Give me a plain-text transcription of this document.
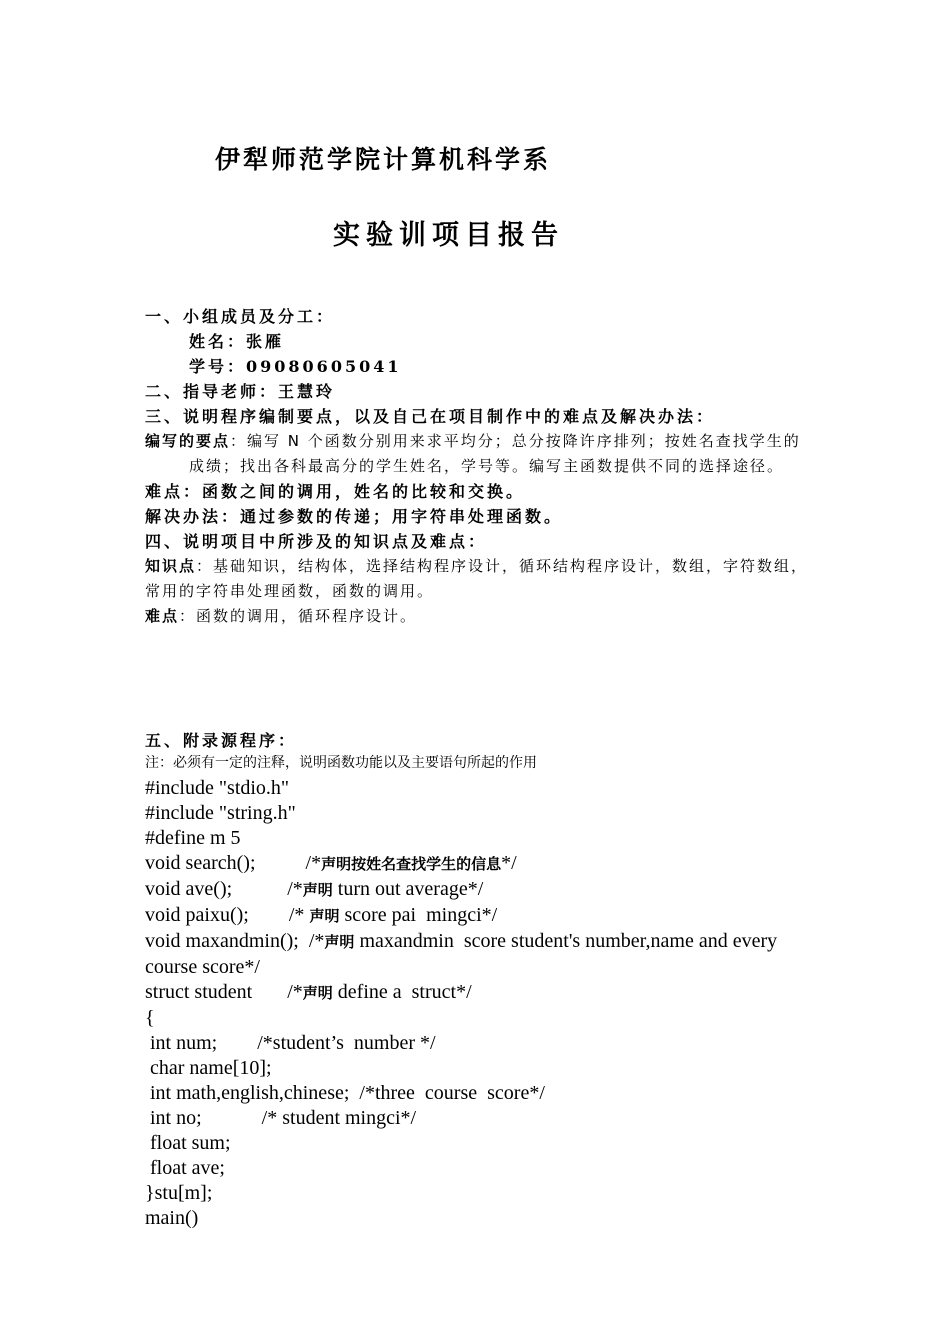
伊犁师范学院计算机科学系
实验训项目报告
一、小组成员及分工：
姓名：张雁
学号：09080605041
二、指导老师：王慧玲
三、说明程序编制要点，以及自己在项目制作中的难点及解决办法：
编写的要点：编写 N 个函数分别用来求平均分；总分按降许序排列；按姓名查找学生的成绩；找出各科最高分的学生姓名，学号等。编写主函数提供不同的选择途径。
难点：函数之间的调用，姓名的比较和交换。
解决办法：通过参数的传递；用字符串处理函数。
四、说明项目中所涉及的知识点及难点：
知识点：基础知识，结构体，选择结构程序设计，循环结构程序设计，数组，字符数组，常用的字符串处理函数，函数的调用。
难点：函数的调用，循环程序设计。
五、附录源程序：
注：必须有一定的注释，说明函数功能以及主要语句所起的作用
#include "stdio.h"
#include "string.h"
#define m 5
void search();          /*声明按姓名查找学生的信息*/
void ave();           /*声明 turn out average*/
void paixu();        /* 声明 score pai  mingci*/
void maxandmin();  /*声明 maxandmin  score student's number,name and every course score*/
struct student       /*声明 define a  struct*/
{
int num;        /*student’s  number */
char name[10];
int math,english,chinese;  /*three  course  score*/
int no;            /* student mingci*/
float sum;
float ave;
}stu[m];
main()
